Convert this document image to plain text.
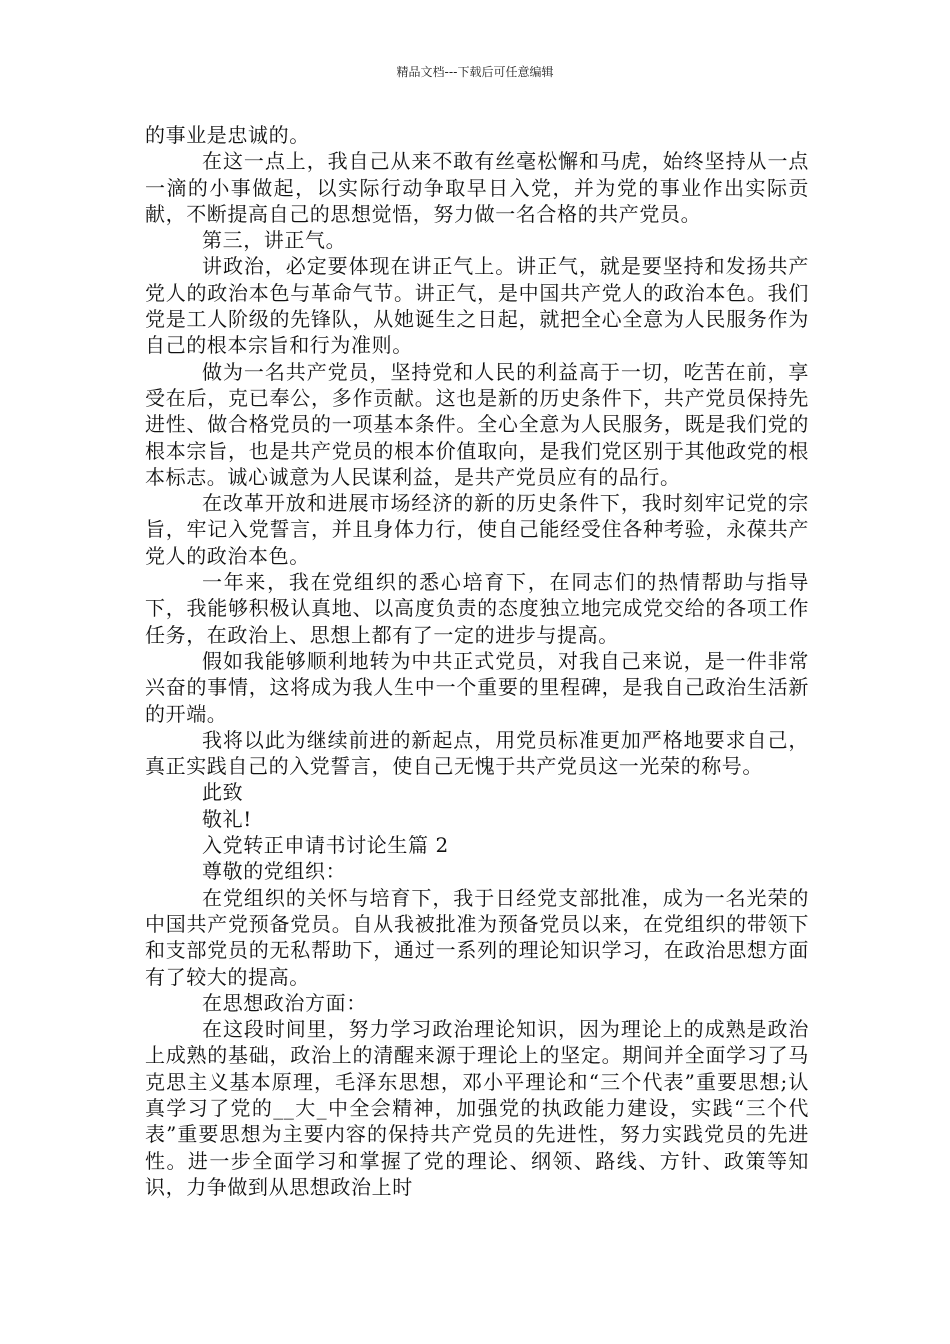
精品文档---下载后可任意编辑

的事业是忠诚的。

在这一点上，我自己从来不敢有丝毫松懈和马虎，始终坚持从一点一滴的小事做起，以实际行动争取早日入党，并为党的事业作出实际贡献，不断提高自己的思想觉悟，努力做一名合格的共产党员。

第三，讲正气。

讲政治，必定要体现在讲正气上。讲正气，就是要坚持和发扬共产党人的政治本色与革命气节。讲正气，是中国共产党人的政治本色。我们党是工人阶级的先锋队，从她诞生之日起，就把全心全意为人民服务作为自己的根本宗旨和行为准则。

做为一名共产党员，坚持党和人民的利益高于一切，吃苦在前，享受在后，克已奉公，多作贡献。这也是新的历史条件下，共产党员保持先进性、做合格党员的一项基本条件。全心全意为人民服务，既是我们党的根本宗旨，也是共产党员的根本价值取向，是我们党区别于其他政党的根本标志。诚心诚意为人民谋利益，是共产党员应有的品行。

在改革开放和进展市场经济的新的历史条件下，我时刻牢记党的宗旨，牢记入党誓言，并且身体力行，使自己能经受住各种考验，永葆共产党人的政治本色。

一年来，我在党组织的悉心培育下，在同志们的热情帮助与指导下，我能够积极认真地、以高度负责的态度独立地完成党交给的各项工作任务，在政治上、思想上都有了一定的进步与提高。

假如我能够顺利地转为中共正式党员，对我自己来说，是一件非常兴奋的事情，这将成为我人生中一个重要的里程碑，是我自己政治生活新的开端。

我将以此为继续前进的新起点，用党员标准更加严格地要求自己，真正实践自己的入党誓言，使自己无愧于共产党员这一光荣的称号。

此致

敬礼!

入党转正申请书讨论生篇 2

尊敬的党组织：

在党组织的关怀与培育下，我于日经党支部批准，成为一名光荣的中国共产党预备党员。自从我被批准为预备党员以来，在党组织的带领下和支部党员的无私帮助下，通过一系列的理论知识学习，在政治思想方面有了较大的提高。

在思想政治方面：

在这段时间里，努力学习政治理论知识，因为理论上的成熟是政治上成熟的基础，政治上的清醒来源于理论上的坚定。期间并全面学习了马克思主义基本原理，毛泽东思想，邓小平理论和“三个代表”重要思想;认真学习了党的__大_中全会精神，加强党的执政能力建设，实践“三个代表”重要思想为主要内容的保持共产党员的先进性，努力实践党员的先进性。进一步全面学习和掌握了党的理论、纲领、路线、方针、政策等知识，力争做到从思想政治上时
